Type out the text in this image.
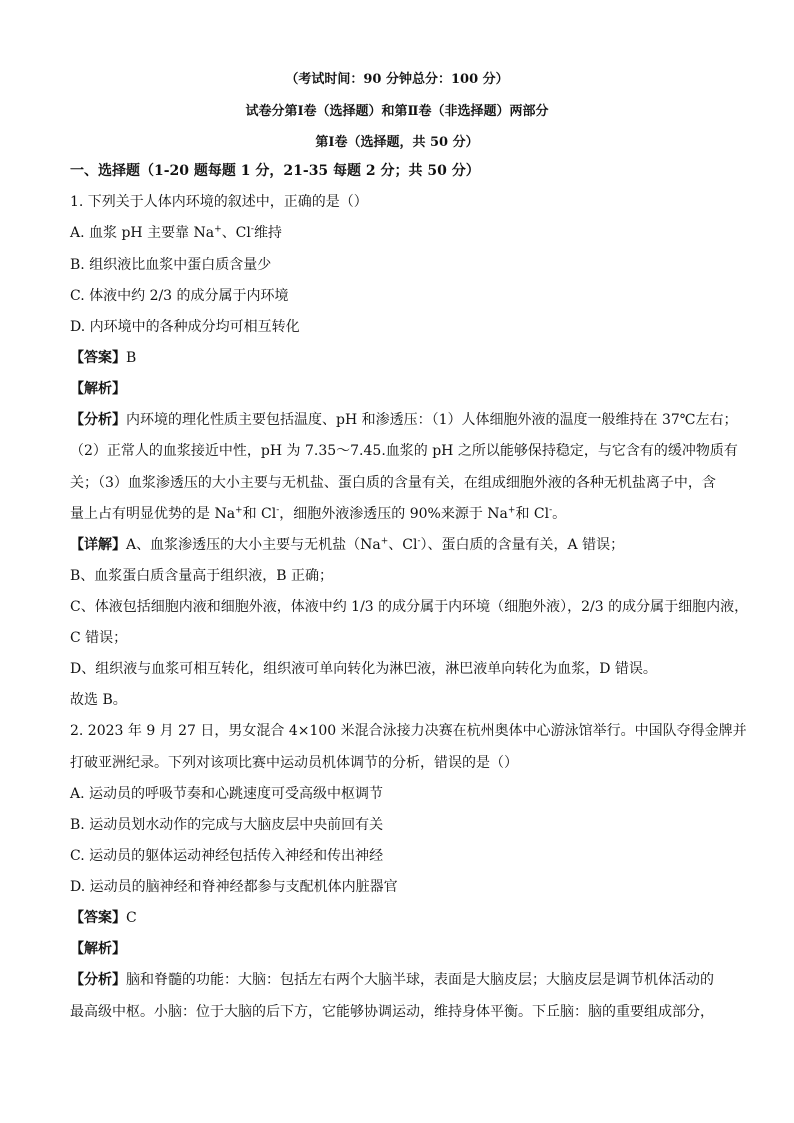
（考试时间：90 分钟总分：100 分）
试卷分第Ⅰ卷（选择题）和第Ⅱ卷（非选择题）两部分
第Ⅰ卷（选择题，共 50 分）
一、选择题（1-20 题每题 1 分，21-35 每题 2 分；共 50 分）
1. 下列关于人体内环境的叙述中，正确的是（）
A. 血浆 pH 主要靠 Na+、Cl-维持
B. 组织液比血浆中蛋白质含量少
C. 体液中约 2/3 的成分属于内环境
D. 内环境中的各种成分均可相互转化
【答案】B
【解析】
【分析】内环境的理化性质主要包括温度、pH 和渗透压：（1）人体细胞外液的温度一般维持在 37℃左右；
（2）正常人的血浆接近中性，pH 为 7.35～7.45.血浆的 pH 之所以能够保持稳定，与它含有的缓冲物质有
关；（3）血浆渗透压的大小主要与无机盐、蛋白质的含量有关，在组成细胞外液的各种无机盐离子中，含
量上占有明显优势的是 Na+和 Cl-，细胞外液渗透压的 90%来源于 Na+和 Cl-。
【详解】A、血浆渗透压的大小主要与无机盐（Na+、Cl-）、蛋白质的含量有关，A 错误；
B、血浆蛋白质含量高于组织液，B 正确；
C、体液包括细胞内液和细胞外液，体液中约 1/3 的成分属于内环境（细胞外液），2/3 的成分属于细胞内液，
C 错误；
D、组织液与血浆可相互转化，组织液可单向转化为淋巴液，淋巴液单向转化为血浆，D 错误。
故选 B。
2. 2023 年 9 月 27 日，男女混合 4×100 米混合泳接力决赛在杭州奥体中心游泳馆举行。中国队夺得金牌并
打破亚洲纪录。下列对该项比赛中运动员机体调节的分析，错误的是（）
A. 运动员的呼吸节奏和心跳速度可受高级中枢调节
B. 运动员划水动作的完成与大脑皮层中央前回有关
C. 运动员的躯体运动神经包括传入神经和传出神经
D. 运动员的脑神经和脊神经都参与支配机体内脏器官
【答案】C
【解析】
【分析】脑和脊髓的功能：大脑：包括左右两个大脑半球，表面是大脑皮层；大脑皮层是调节机体活动的
最高级中枢。小脑：位于大脑的后下方，它能够协调运动，维持身体平衡。下丘脑：脑的重要组成部分，
